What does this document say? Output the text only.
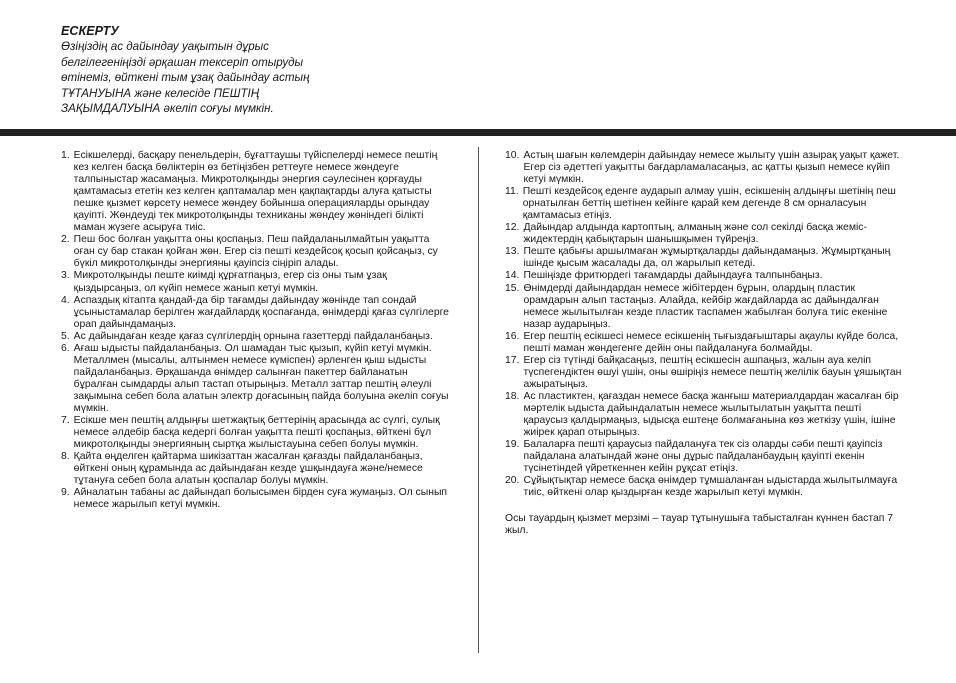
ЕСКЕРТУ
Өзіңіздің ас дайындау уақытын дұрыс
белгілегеніңізді әрқашан тексеріп отыруды
өтінеміз, өйткені тым ұзақ дайындау астың
ТҰТАНУЫНА және келесіде ПЕШТІҢ
ЗАҚЫМДАЛУЫНА әкеліп соғуы мүмкін.
1. Есікшелерді, басқару пенельдерін, бұғаттаушы түйіспелерді немесе пештің кез келген басқа бөліктерін өз бетіңізбен реттеуге немесе жөндеуге талпыныстар жасамаңыз. Микротолқынды энергия сәулесінен қорғауды қамтамасыз ететін кез келген қаптамалар мен қақпақтарды алуға қатысты пешке қызмет көрсету немесе жөндеу бойынша операцияларды орындау қауіпті. Жөндеуді тек микротолқынды техниканы жөндеу жөніндегі білікті маман жүзеге асыруға тиіс.
2. Пеш бос болған уақытта оны қоспаңыз. Пеш пайдаланылмайтын уақытта оған су бар стакан қойған жөн. Егер сіз пешті кездейсоқ қосып қойсаңыз, су бүкіл микротолқынды энергияны қауіпсіз сіңіріп алады.
3. Микротолқынды пеште киімді құрғатпаңыз, егер сіз оны тым ұзақ қыздырсаңыз, ол күйіп немесе жанып кетуі мүмкін.
4. Аспаздық кітапта қандай-да бір тағамды дайындау жөнінде тап сондай ұсыныстамалар берілген жағдайлардқ қоспағанда, өнімдерді қағаз сүлгілерге орап дайындамаңыз.
5. Ас дайындаған кезде қағаз сүлгілердің орнына газеттерді пайдаланбаңыз.
6. Ағаш ыдысты пайдаланбаңыз. Ол шамадан тыс қызып, күйіп кетуі мүмкін. Металлмен (мысалы, алтынмен немесе күміспен) әрленген қыш ыдысты пайдаланбаңыз. Әрқашанда өнімдер салынған пакеттер байланатын бұралған сымдарды алып тастап отырыңыз. Металл заттар пештің әлеулі зақымына себеп бола алатын электр доғасының пайда болуына әкеліп соғуы мүмкін.
7. Есікше мен пештің алдыңғы шетжақтық беттерінің арасында ас сүлгі, сулық немесе әлдебір басқа кедергі болған уақытта пешті қоспаңыз, өйткені бұл микротолқынды энергияның сыртқа жылыстауына себеп болуы мүмкін.
8. Қайта өңделген қайтарма шикізаттан жасалған қағазды пайдаланбаңыз, өйткені оның құрамында ас дайындаған кезде ұшқындауға және/немесе тұтануға себеп бола алатын қоспалар болуы мүмкін.
9. Айналатын табаны ас дайындап болысымен бірден суға жумаңыз. Ол сынып немесе жарылып кетуі мүмкін.
10. Астың шағын көлемдерін дайындау немесе жылыту үшін азырақ уақыт қажет. Егер сіз әдеттегі уақытты бағдарламаласаңыз, ас қатты қызып немесе күйіп кетуі мүмкін.
11. Пешті кездейсоқ еденге аударып алмау үшін, есікшенің алдыңғы шетінің пеш орнатылған беттің шетінен кейінге қарай кем дегенде 8 см орналасуын қамтамасыз етіңіз.
12. Дайындар алдында картоптың, алманың және сол секілді басқа жеміс-жидектердің қабықтарын шанышқымен түйреңіз.
13. Пеште қабығы аршылмаған жұмыртқаларды дайындамаңыз. Жұмыртқаның ішінде қысым жасалады да, ол жарылып кетеді.
14. Пешіңізде фритюрдегі тағамдарды дайындауға талпынбаңыз.
15. Өнімдерді дайындардан немесе жібітерден бұрын, олардың пластик орамдарын алып тастаңыз. Алайда, кейбір жағдайларда ас дайындалған немесе жылытылған кезде пластик таспамен жабылған болуға тиіс екеніне назар аударыңыз.
16. Егер пештің есікшесі немесе есікшенің тығыздағыштары ақаулы күйде болса, пешті маман жөндегенге дейін оны пайдалануға болмайды.
17. Егер сіз түтінді байқасаңыз, пештің есікшесін ашпаңыз, жалын ауа келіп түспегендіктен өшуі үшін, оны өшіріңіз немесе пештің желілік бауын ұяшықтан ажыратыңыз.
18. Ас пластиктен, қағаздан немесе басқа жанғыш материалдардан жасалған бір мәртелік ыдыста дайындалатын немесе жылытылатын уақытта пешті қараусыз қалдырмаңыз, ыдысқа ештеңе болмағанына көз жеткізу үшін, ішіне жиірек қарап отырыңыз.
19. Балаларға пешті қараусыз пайдалануға тек сіз оларды сәби пешті қауіпсіз пайдалана алатындай және оны дұрыс пайдаланбаудың қауіпті екенін түсінетіндей үйреткеннен кейін рұқсат етіңіз.
20. Сұйықтықтар немесе басқа өнімдер тұмшаланған ыдыстарда жылытылмауға тиіс, өйткені олар қыздырған кезде жарылып кетуі мүмкін.
Осы тауардың қызмет мерзімі – тауар тұтынушыға табысталған күннен бастап 7 жыл.
